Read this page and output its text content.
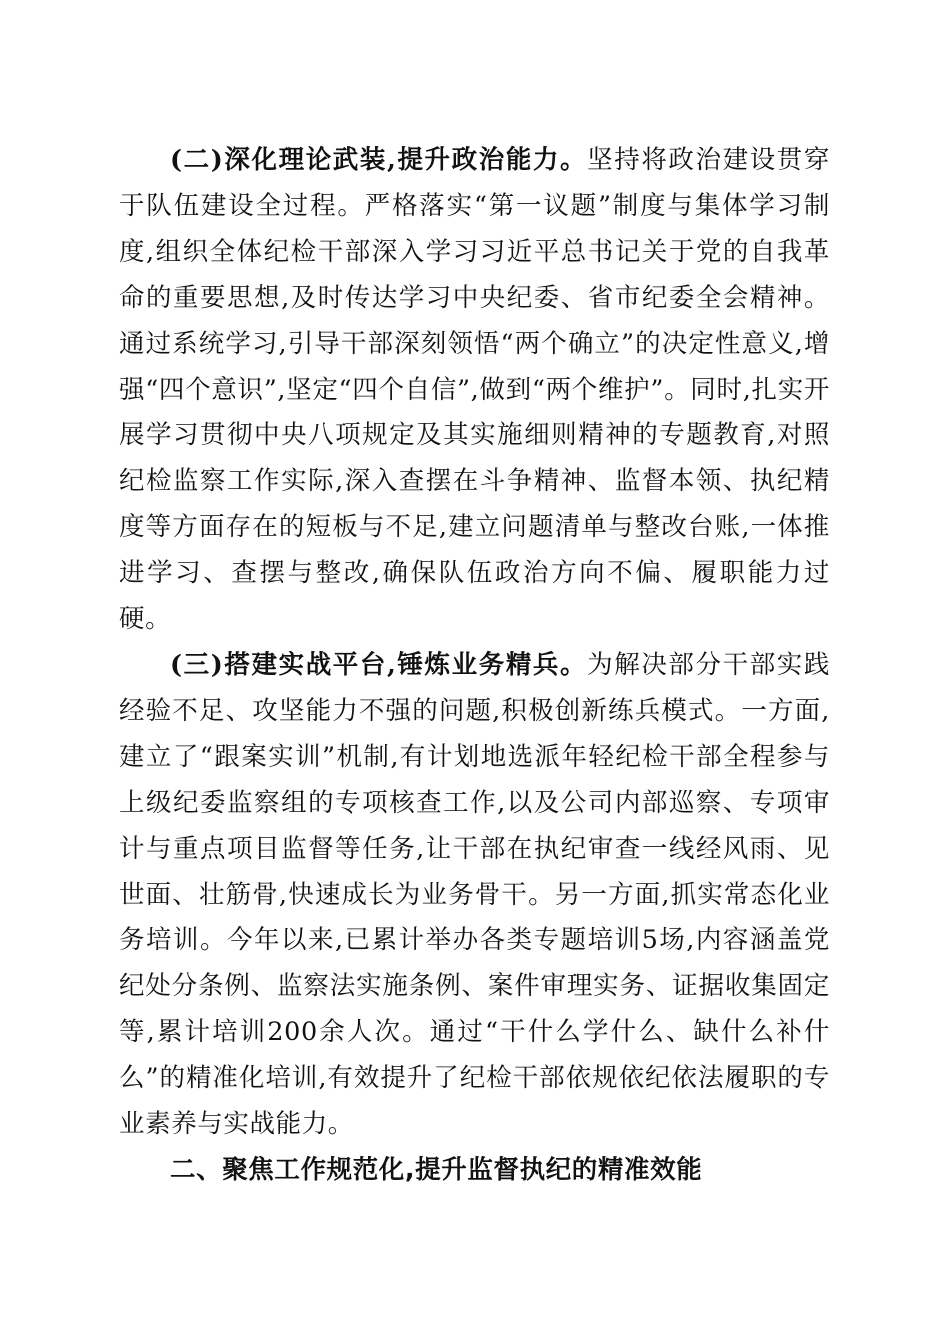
(二)深化理论武装,提升政治能力。坚持将政治建设贯穿于队伍建设全过程。严格落实“第一议题”制度与集体学习制度,组织全体纪检干部深入学习习近平总书记关于党的自我革命的重要思想,及时传达学习中央纪委、省市纪委全会精神。通过系统学习,引导干部深刻领悟“两个确立”的决定性意义,增强“四个意识”,坚定“四个自信”,做到“两个维护”。同时,扎实开展学习贯彻中央八项规定及其实施细则精神的专题教育,对照纪检监察工作实际,深入查摆在斗争精神、监督本领、执纪精度等方面存在的短板与不足,建立问题清单与整改台账,一体推进学习、查摆与整改,确保队伍政治方向不偏、履职能力过硬。

(三)搭建实战平台,锤炼业务精兵。为解决部分干部实践经验不足、攻坚能力不强的问题,积极创新练兵模式。一方面,建立了“跟案实训”机制,有计划地选派年轻纪检干部全程参与上级纪委监察组的专项核查工作,以及公司内部巡察、专项审计与重点项目监督等任务,让干部在执纪审查一线经风雨、见世面、壮筋骨,快速成长为业务骨干。另一方面,抓实常态化业务培训。今年以来,已累计举办各类专题培训5场,内容涵盖党纪处分条例、监察法实施条例、案件审理实务、证据收集固定等,累计培训200余人次。通过“干什么学什么、缺什么补什么”的精准化培训,有效提升了纪检干部依规依纪依法履职的专业素养与实战能力。

二、聚焦工作规范化,提升监督执纪的精准效能
